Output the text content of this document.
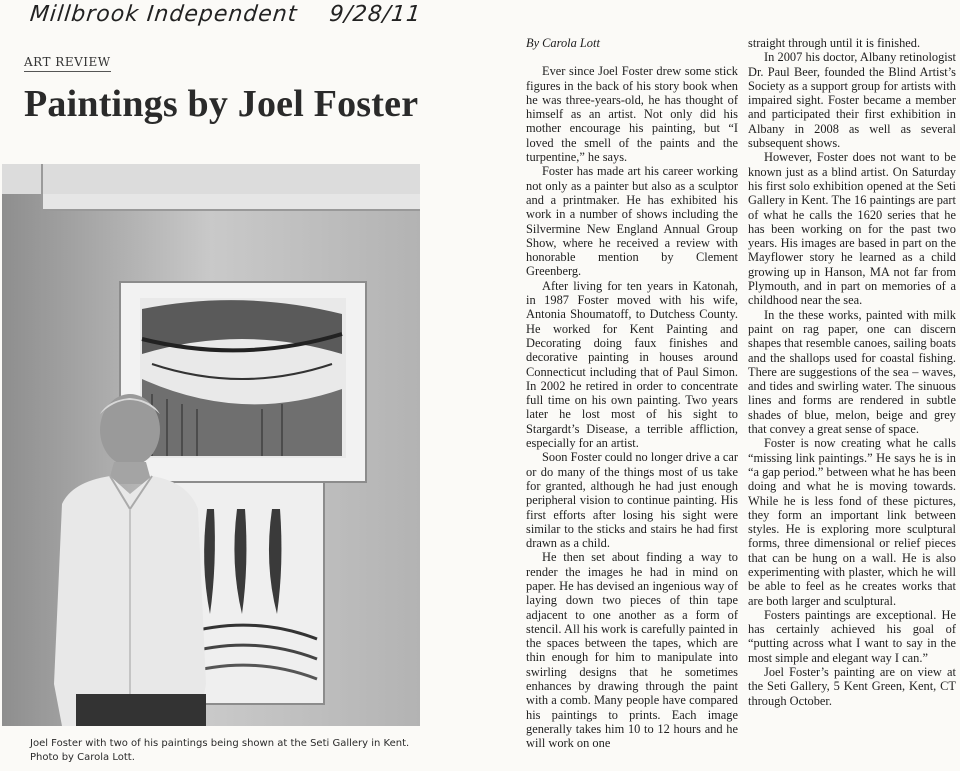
Millbrook Independent 9/28/11
ART REVIEW
Paintings by Joel Foster
Joel Foster with two of his paintings being shown at the Seti Gallery in Kent.
Photo by Carola Lott.
By Carola Lott

Ever since Joel Foster drew some stick figures in the back of his story book when he was three-years-old, he has thought of himself as an artist. Not only did his mother encourage his painting, but “I loved the smell of the paints and the turpentine,” he says.

Foster has made art his career working not only as a painter but also as a sculptor and a printmaker. He has exhibited his work in a number of shows including the Silvermine New England Annual Group Show, where he received a review with honorable mention by Clement Greenberg.

After living for ten years in Katonah, in 1987 Foster moved with his wife, Antonia Shoumatoff, to Dutchess County. He worked for Kent Painting and Decorating doing faux finishes and decorative painting in houses around Connecticut including that of Paul Simon. In 2002 he retired in order to concentrate full time on his own painting. Two years later he lost most of his sight to Stargardt’s Disease, a terrible affliction, especially for an artist.

Soon Foster could no longer drive a car or do many of the things most of us take for granted, although he had just enough peripheral vision to continue painting. His first efforts after losing his sight were similar to the sticks and stairs he had first drawn as a child.

He then set about finding a way to render the images he had in mind on paper. He has devised an ingenious way of laying down two pieces of thin tape adjacent to one another as a form of stencil. All his work is carefully painted in the spaces between the tapes, which are thin enough for him to manipulate into swirling designs that he sometimes enhances by drawing through the paint with a comb. Many people have compared his paintings to prints. Each image generally takes him 10 to 12 hours and he will work on one

straight through until it is finished.

In 2007 his doctor, Albany retinologist Dr. Paul Beer, founded the Blind Artist’s Society as a support group for artists with impaired sight. Foster became a member and participated their first exhibition in Albany in 2008 as well as several subsequent shows.

However, Foster does not want to be known just as a blind artist. On Saturday his first solo exhibition opened at the Seti Gallery in Kent. The 16 paintings are part of what he calls the 1620 series that he has been working on for the past two years. His images are based in part on the Mayflower story he learned as a child growing up in Hanson, MA not far from Plymouth, and in part on memories of a childhood near the sea.

In the these works, painted with milk paint on rag paper, one can discern shapes that resemble canoes, sailing boats and the shallops used for coastal fishing. There are suggestions of the sea – waves, and tides and swirling water. The sinuous lines and forms are rendered in subtle shades of blue, melon, beige and grey that convey a great sense of space.

Foster is now creating what he calls “missing link paintings.” He says he is in “a gap period.” between what he has been doing and what he is moving towards. While he is less fond of these pictures, they form an important link between styles. He is exploring more sculptural forms, three dimensional or relief pieces that can be hung on a wall. He is also experimenting with plaster, which he will be able to feel as he creates works that are both larger and sculptural.

Fosters paintings are exceptional. He has certainly achieved his goal of “putting across what I want to say in the most simple and elegant way I can.”

Joel Foster’s painting are on view at the Seti Gallery, 5 Kent Green, Kent, CT through October.
